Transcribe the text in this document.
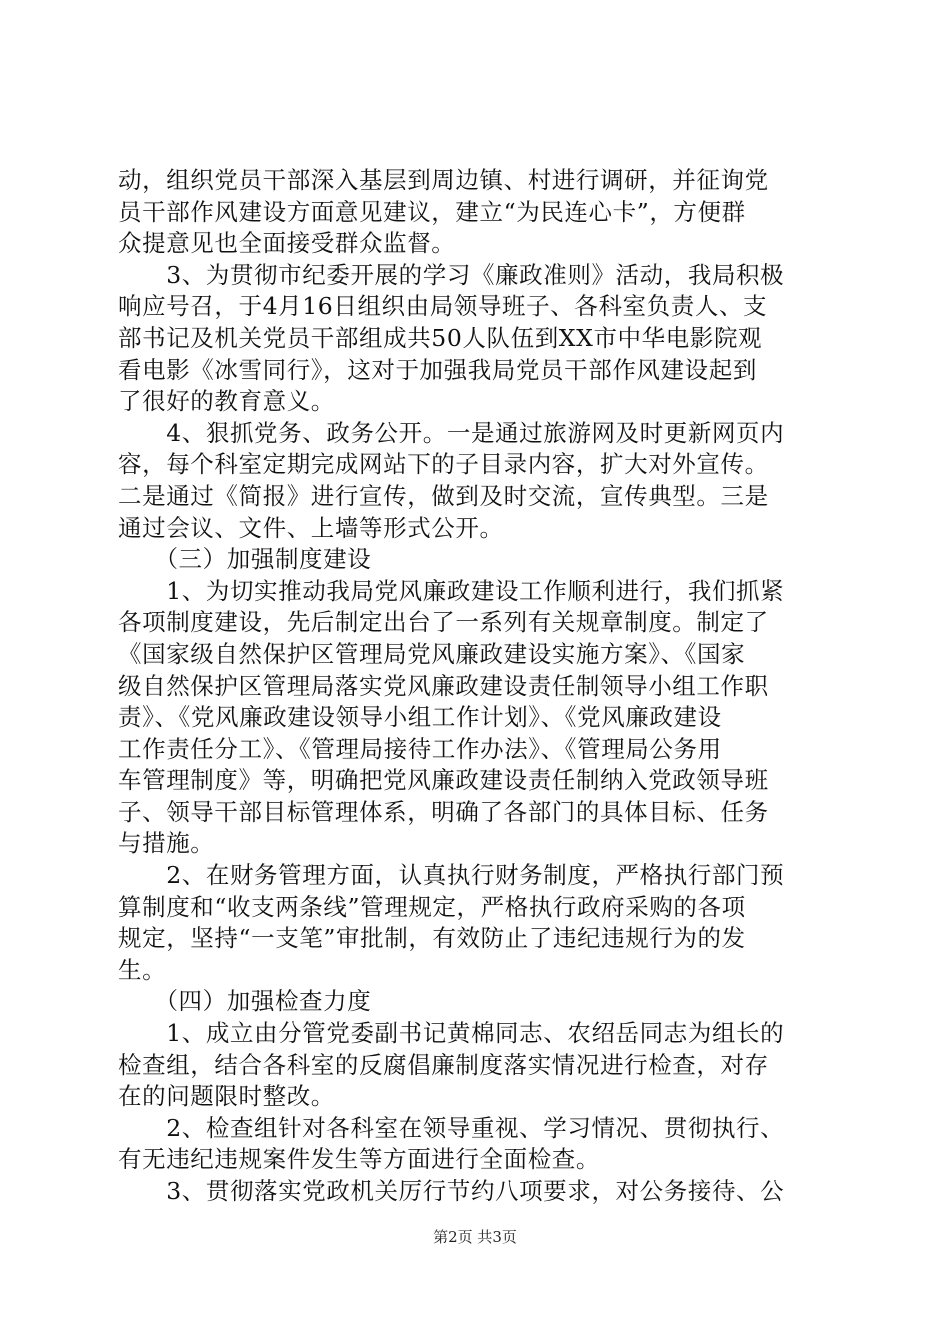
动，组织党员干部深入基层到周边镇、村进行调研，并征询党
员干部作风建设方面意见建议，建立“为民连心卡”，方便群
众提意见也全面接受群众监督。
　　3、为贯彻市纪委开展的学习《廉政准则》活动，我局积极
响应号召，于4月16日组织由局领导班子、各科室负责人、支
部书记及机关党员干部组成共50人队伍到XX市中华电影院观
看电影《冰雪同行》，这对于加强我局党员干部作风建设起到
了很好的教育意义。
　　4、狠抓党务、政务公开。一是通过旅游网及时更新网页内
容，每个科室定期完成网站下的子目录内容，扩大对外宣传。
二是通过《简报》进行宣传，做到及时交流，宣传典型。三是
通过会议、文件、上墙等形式公开。
　　（三）加强制度建设
　　1、为切实推动我局党风廉政建设工作顺利进行，我们抓紧
各项制度建设，先后制定出台了一系列有关规章制度。制定了
《国家级自然保护区管理局党风廉政建设实施方案》、《国家
级自然保护区管理局落实党风廉政建设责任制领导小组工作职
责》、《党风廉政建设领导小组工作计划》、《党风廉政建设
工作责任分工》、《管理局接待工作办法》、《管理局公务用
车管理制度》等，明确把党风廉政建设责任制纳入党政领导班
子、领导干部目标管理体系，明确了各部门的具体目标、任务
与措施。
　　2、在财务管理方面，认真执行财务制度，严格执行部门预
算制度和“收支两条线”管理规定，严格执行政府采购的各项
规定，坚持“一支笔”审批制，有效防止了违纪违规行为的发
生。
　　（四）加强检查力度
　　1、成立由分管党委副书记黄棉同志、农绍岳同志为组长的
检查组，结合各科室的反腐倡廉制度落实情况进行检查，对存
在的问题限时整改。
　　2、检查组针对各科室在领导重视、学习情况、贯彻执行、
有无违纪违规案件发生等方面进行全面检查。
　　3、贯彻落实党政机关厉行节约八项要求，对公务接待、公
第2页 共3页
